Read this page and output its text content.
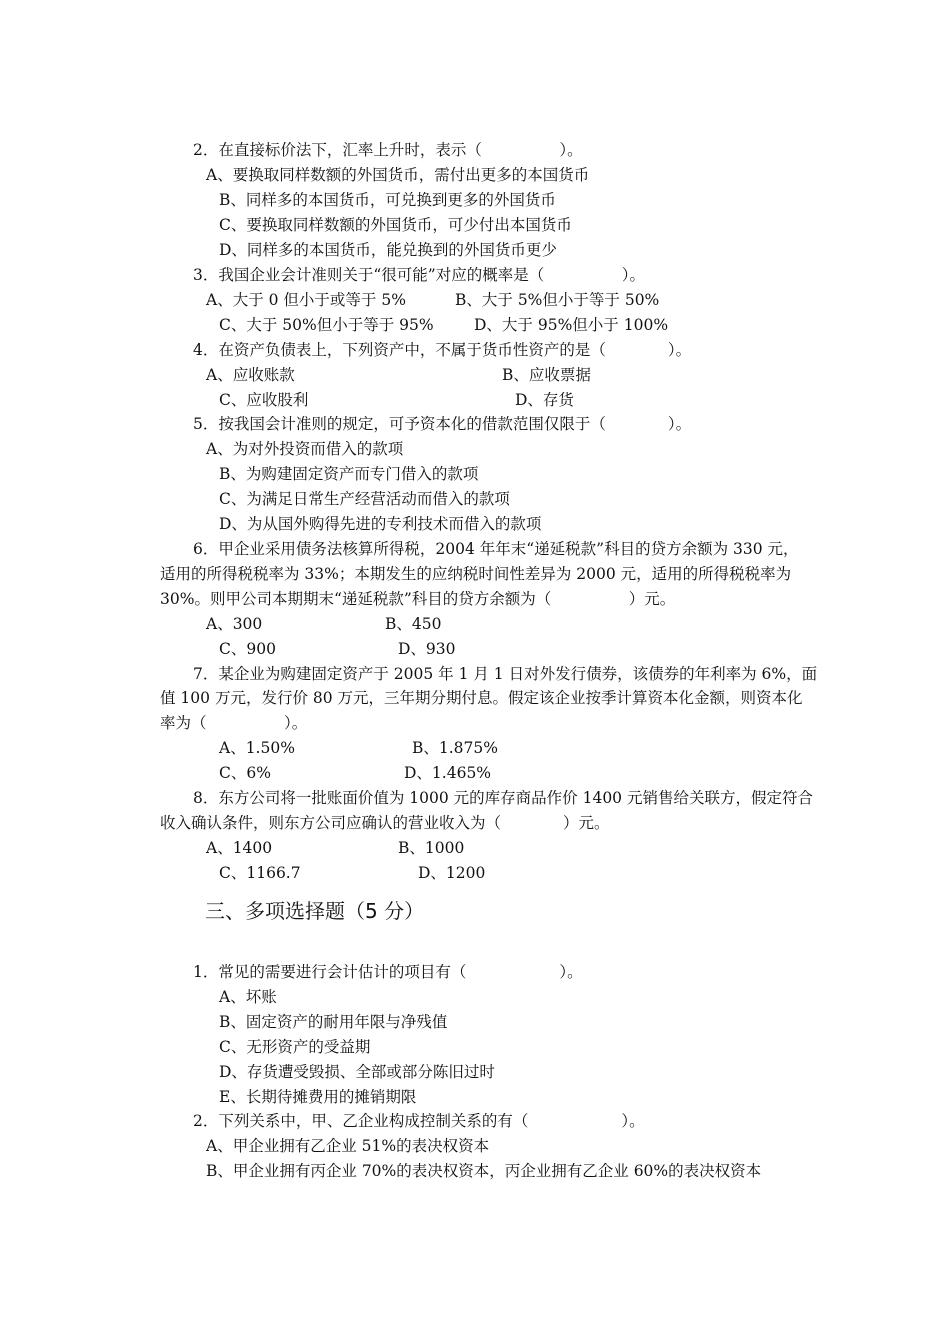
2．在直接标价法下，汇率上升时，表示（　　　　　）。
A、要换取同样数额的外国货币，需付出更多的本国货币
B、同样多的本国货币，可兑换到更多的外国货币
C、要换取同样数额的外国货币，可少付出本国货币
D、同样多的本国货币，能兑换到的外国货币更少
3．我国企业会计准则关于“很可能”对应的概率是（　　　　　）。
A、大于 0 但小于或等于 5%	B、大于 5%但小于等于 50%
C、大于 50%但小于等于 95%	D、大于 95%但小于 100%
4．在资产负债表上，下列资产中，不属于货币性资产的是（　　　　）。
A、应收账款	B、应收票据
C、应收股利	D、存货
5．按我国会计准则的规定，可予资本化的借款范围仅限于（　　　　）。
A、为对外投资而借入的款项
B、为购建固定资产而专门借入的款项
C、为满足日常生产经营活动而借入的款项
D、为从国外购得先进的专利技术而借入的款项
6．甲企业采用债务法核算所得税，2004 年年末“递延税款”科目的贷方余额为 330 元，
适用的所得税税率为 33%；本期发生的应纳税时间性差异为 2000 元，适用的所得税税率为
30%。则甲公司本期期末“递延税款”科目的贷方余额为（　　　　　）元。
A、300	B、450
C、900	D、930
7．某企业为购建固定资产于 2005 年 1 月 1 日对外发行债券，该债券的年利率为 6%，面
值 100 万元，发行价 80 万元，三年期分期付息。假定该企业按季计算资本化金额，则资本化
率为（　　　　　）。
A、1.50%	B、1.875%
C、6%	D、1.465%
8．东方公司将一批账面价值为 1000 元的库存商品作价 1400 元销售给关联方，假定符合
收入确认条件，则东方公司应确认的营业收入为（　　　　）元。
A、1400	B、1000
C、1166.7	D、1200
三、多项选择题（5 分）
1．常见的需要进行会计估计的项目有（　　　　　　）。
A、坏账
B、固定资产的耐用年限与净残值
C、无形资产的受益期
D、存货遭受毁损、全部或部分陈旧过时
E、长期待摊费用的摊销期限
2．下列关系中，甲、乙企业构成控制关系的有（　　　　　　）。
A、甲企业拥有乙企业 51%的表决权资本
B、甲企业拥有丙企业 70%的表决权资本，丙企业拥有乙企业 60%的表决权资本
